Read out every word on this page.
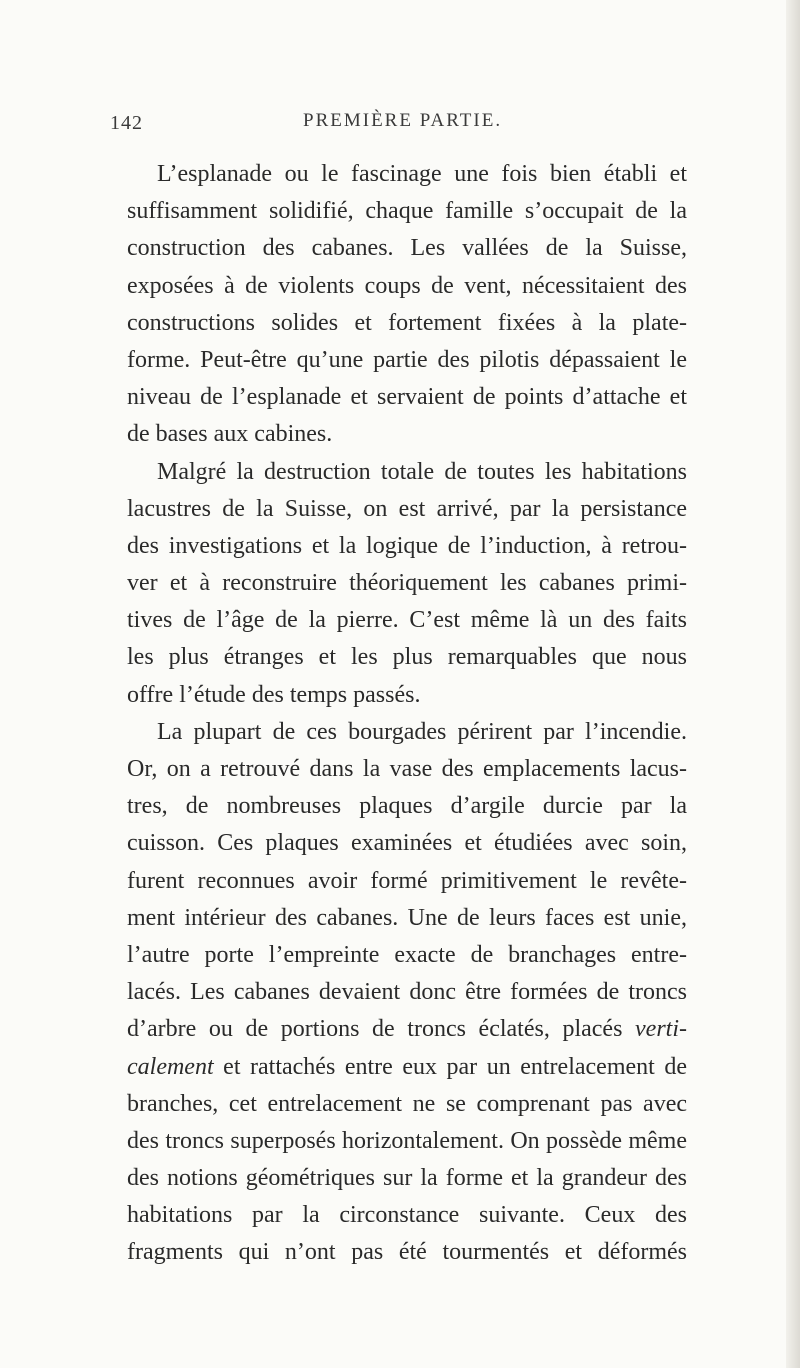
142	PREMIÈRE PARTIE.
L’esplanade ou le fascinage une fois bien établi et
suffisamment solidifié, chaque famille s’occupait de la
construction des cabanes. Les vallées de la Suisse,
exposées à de violents coups de vent, nécessitaient des
constructions solides et fortement fixées à la plate-
forme. Peut-être qu’une partie des pilotis dépassaient le
niveau de l’esplanade et servaient de points d’attache et
de bases aux cabines.
Malgré la destruction totale de toutes les habitations
lacustres de la Suisse, on est arrivé, par la persistance
des investigations et la logique de l’induction, à retrou-
ver et à reconstruire théoriquement les cabanes primi-
tives de l’âge de la pierre. C’est même là un des faits
les plus étranges et les plus remarquables que nous
offre l’étude des temps passés.
La plupart de ces bourgades périrent par l’incendie.
Or, on a retrouvé dans la vase des emplacements lacus-
tres, de nombreuses plaques d’argile durcie par la
cuisson. Ces plaques examinées et étudiées avec soin,
furent reconnues avoir formé primitivement le revête-
ment intérieur des cabanes. Une de leurs faces est unie,
l’autre porte l’empreinte exacte de branchages entre-
lacés. Les cabanes devaient donc être formées de troncs
d’arbre ou de portions de troncs éclatés, placés verti-
calement et rattachés entre eux par un entrelacement de
branches, cet entrelacement ne se comprenant pas avec
des troncs superposés horizontalement. On possède même
des notions géométriques sur la forme et la grandeur des
habitations par la circonstance suivante. Ceux des
fragments qui n’ont pas été tourmentés et déformés
